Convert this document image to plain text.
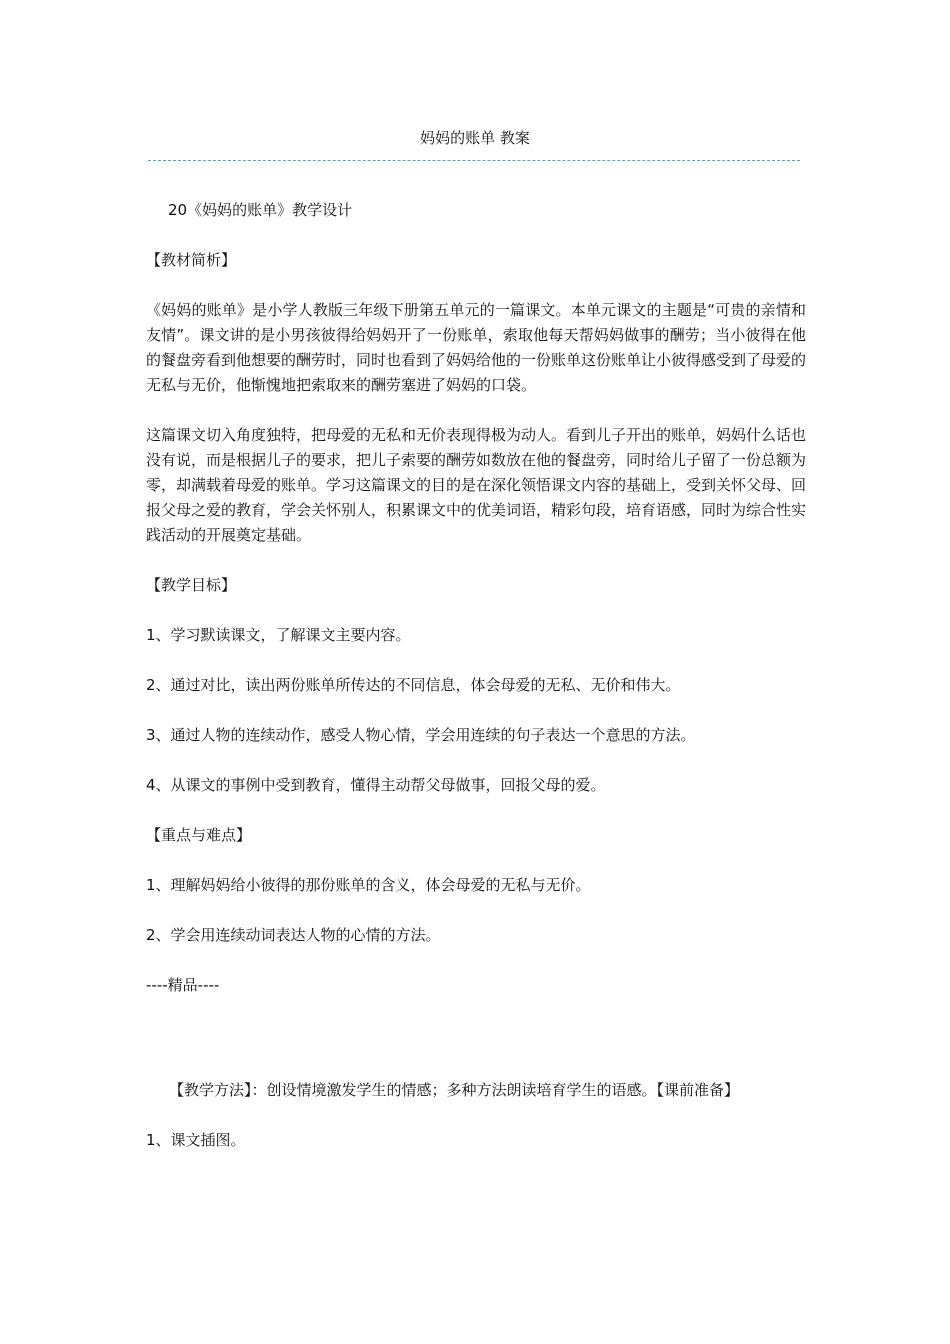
妈妈的账单 教案

20《妈妈的账单》教学设计

【教材简析】

《妈妈的账单》是小学人教版三年级下册第五单元的一篇课文。本单元课文的主题是“可贵的亲情和友情”。课文讲的是小男孩彼得给妈妈开了一份账单，索取他每天帮妈妈做事的酬劳；当小彼得在他的餐盘旁看到他想要的酬劳时，同时也看到了妈妈给他的一份账单这份账单让小彼得感受到了母爱的无私与无价，他惭愧地把索取来的酬劳塞进了妈妈的口袋。

这篇课文切入角度独特，把母爱的无私和无价表现得极为动人。看到儿子开出的账单，妈妈什么话也没有说，而是根据儿子的要求，把儿子索要的酬劳如数放在他的餐盘旁，同时给儿子留了一份总额为零，却满载着母爱的账单。学习这篇课文的目的是在深化领悟课文内容的基础上，受到关怀父母、回报父母之爱的教育，学会关怀别人，积累课文中的优美词语，精彩句段，培育语感，同时为综合性实践活动的开展奠定基础。

【教学目标】

1、学习默读课文，了解课文主要内容。

2、通过对比，读出两份账单所传达的不同信息，体会母爱的无私、无价和伟大。

3、通过人物的连续动作，感受人物心情，学会用连续的句子表达一个意思的方法。

4、从课文的事例中受到教育，懂得主动帮父母做事，回报父母的爱。

【重点与难点】

1、理解妈妈给小彼得的那份账单的含义，体会母爱的无私与无价。

2、学会用连续动词表达人物的心情的方法。

----精品----

【教学方法】：创设情境激发学生的情感；多种方法朗读培育学生的语感。【课前准备】

1、课文插图。
